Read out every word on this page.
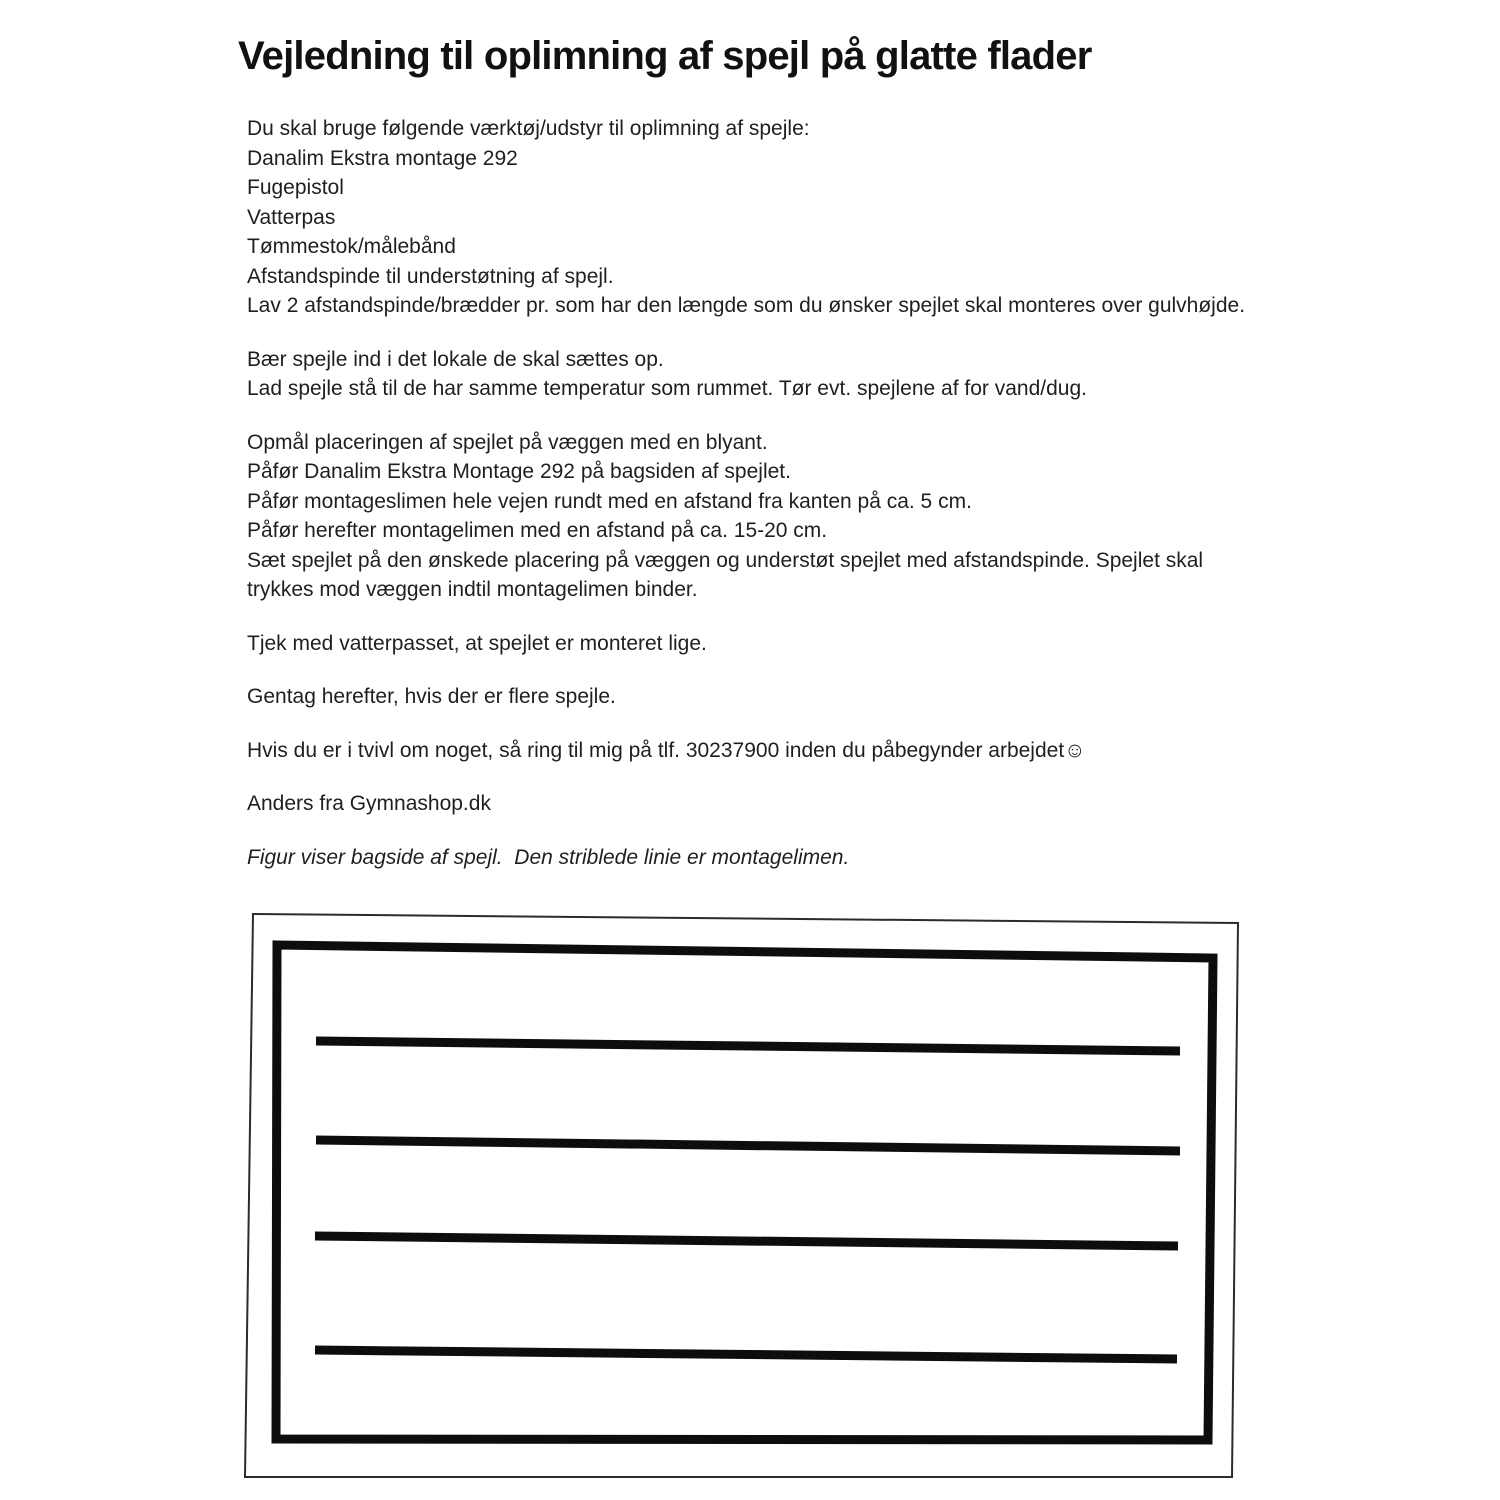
Vejledning til oplimning af spejl på glatte flader

Du skal bruge følgende værktøj/udstyr til oplimning af spejle:
Danalim Ekstra montage 292
Fugepistol
Vatterpas
Tømmestok/målebånd
Afstandspinde til understøtning af spejl.
Lav 2 afstandspinde/brædder pr. som har den længde som du ønsker spejlet skal monteres over gulvhøjde.

Bær spejle ind i det lokale de skal sættes op.
Lad spejle stå til de har samme temperatur som rummet. Tør evt. spejlene af for vand/dug.

Opmål placeringen af spejlet på væggen med en blyant.
Påfør Danalim Ekstra Montage 292 på bagsiden af spejlet.
Påfør montageslimen hele vejen rundt med en afstand fra kanten på ca. 5 cm.
Påfør herefter montagelimen med en afstand på ca. 15-20 cm.
Sæt spejlet på den ønskede placering på væggen og understøt spejlet med afstandspinde. Spejlet skal
trykkes mod væggen indtil montagelimen binder.

Tjek med vatterpasset, at spejlet er monteret lige.

Gentag herefter, hvis der er flere spejle.

Hvis du er i tvivl om noget, så ring til mig på tlf. 30237900 inden du påbegynder arbejdet☺

Anders fra Gymnashop.dk

Figur viser bagside af spejl.  Den striblede linie er montagelimen.
